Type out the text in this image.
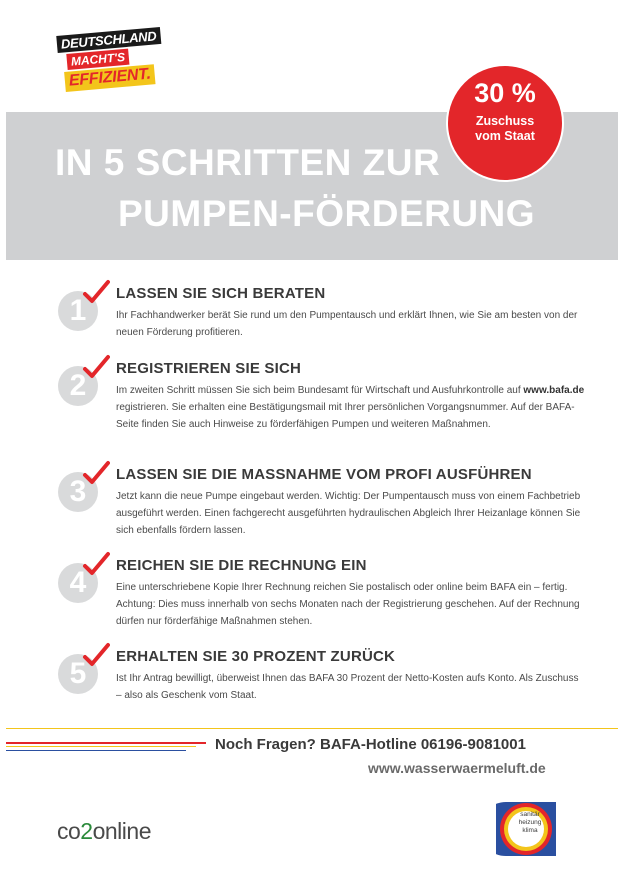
DEUTSCHLAND
MACHT'S
EFFIZIENT.
IN 5 SCHRITTEN ZUR
PUMPEN-FÖRDERUNG
30 %
Zuschuss
vom Staat
1
LASSEN SIE SICH BERATEN
Ihr Fachhandwerker berät Sie rund um den Pumpentausch und erklärt Ihnen, wie Sie am besten von der neuen Förderung profitieren.
2
REGISTRIEREN SIE SICH
Im zweiten Schritt müssen Sie sich beim Bundesamt für Wirtschaft und Ausfuhrkontrolle auf www.bafa.de registrieren. Sie erhalten eine Bestätigungsmail mit Ihrer persönlichen Vorgangsnummer. Auf der BAFA-Seite finden Sie auch Hinweise zu förderfähigen Pumpen und weiteren Maßnahmen.
3
LASSEN SIE DIE MASSNAHME VOM PROFI AUSFÜHREN
Jetzt kann die neue Pumpe eingebaut werden. Wichtig: Der Pumpentausch muss von einem Fachbetrieb ausgeführt werden. Einen fachgerecht ausgeführten hydraulischen Abgleich Ihrer Heizanlage können Sie sich ebenfalls fördern lassen.
4
REICHEN SIE DIE RECHNUNG EIN
Eine unterschriebene Kopie Ihrer Rechnung reichen Sie postalisch oder online beim BAFA ein – fertig. Achtung: Dies muss innerhalb von sechs Monaten nach der Registrierung geschehen. Auf der Rechnung dürfen nur förderfähige Maßnahmen stehen.
5
ERHALTEN SIE 30 PROZENT ZURÜCK
Ist Ihr Antrag bewilligt, überweist Ihnen das BAFA 30 Prozent der Netto-Kosten aufs Konto. Als Zuschuss – also als Geschenk vom Staat.
Noch Fragen? BAFA-Hotline 06196-9081001
www.wasserwaermeluft.de
co2online
sanitär
heizung
klima
